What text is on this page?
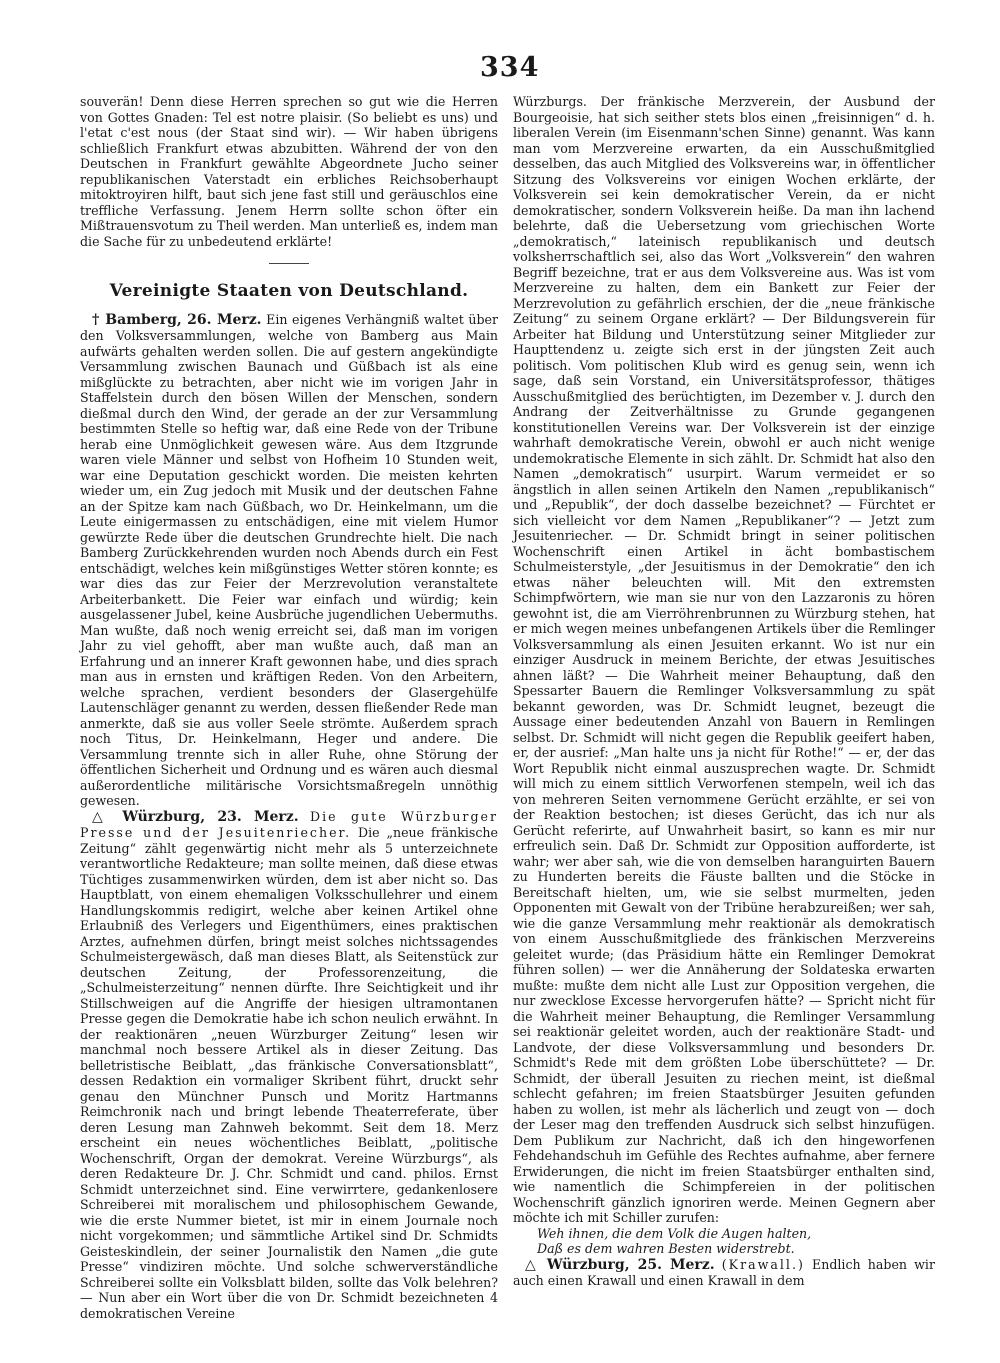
334

souverän! Denn diese Herren sprechen so gut wie die Herren von Gottes Gnaden: Tel est notre plaisir. (So beliebt es uns) und l'etat c'est nous (der Staat sind wir). — Wir haben übrigens schließlich Frankfurt etwas abzubitten. Während der von den Deutschen in Frankfurt gewählte Abgeordnete Jucho seiner republikanischen Vaterstadt ein erbliches Reichsoberhaupt mitoktroyiren hilft, baut sich jene fast still und geräuschlos eine treffliche Verfassung. Jenem Herrn sollte schon öfter ein Mißtrauensvotum zu Theil werden. Man unterließ es, indem man die Sache für zu unbedeutend erklärte!

Vereinigte Staaten von Deutschland.

† Bamberg, 26. Merz. Ein eigenes Verhängniß waltet über den Volksversammlungen, welche von Bamberg aus Main aufwärts gehalten werden sollen. Die auf gestern angekündigte Versammlung zwischen Baunach und Güßbach ist als eine mißglückte zu betrachten, aber nicht wie im vorigen Jahr in Staffelstein durch den bösen Willen der Menschen, sondern dießmal durch den Wind, der gerade an der zur Versammlung bestimmten Stelle so heftig war, daß eine Rede von der Tribune herab eine Unmöglichkeit gewesen wäre. Aus dem Itzgrunde waren viele Männer und selbst von Hofheim 10 Stunden weit, war eine Deputation geschickt worden. Die meisten kehrten wieder um, ein Zug jedoch mit Musik und der deutschen Fahne an der Spitze kam nach Güßbach, wo Dr. Heinkelmann, um die Leute einigermassen zu entschädigen, eine mit vielem Humor gewürzte Rede über die deutschen Grundrechte hielt. Die nach Bamberg Zurückkehrenden wurden noch Abends durch ein Fest entschädigt, welches kein mißgünstiges Wetter stören konnte; es war dies das zur Feier der Merzrevolution veranstaltete Arbeiterbankett. Die Feier war einfach und würdig; kein ausgelassener Jubel, keine Ausbrüche jugendlichen Uebermuths. Man wußte, daß noch wenig erreicht sei, daß man im vorigen Jahr zu viel gehofft, aber man wußte auch, daß man an Erfahrung und an innerer Kraft gewonnen habe, und dies sprach man aus in ernsten und kräftigen Reden. Von den Arbeitern, welche sprachen, verdient besonders der Glasergehülfe Lautenschläger genannt zu werden, dessen fließender Rede man anmerkte, daß sie aus voller Seele strömte. Außerdem sprach noch Titus, Dr. Heinkelmann, Heger und andere. Die Versammlung trennte sich in aller Ruhe, ohne Störung der öffentlichen Sicherheit und Ordnung und es wären auch diesmal außerordentliche militärische Vorsichtsmaßregeln unnöthig gewesen.

△ Würzburg, 23. Merz. Die gute Würzburger Presse und der Jesuitenriecher. Die „neue fränkische Zeitung“ zählt gegenwärtig nicht mehr als 5 unterzeichnete verantwortliche Redakteure; man sollte meinen, daß diese etwas Tüchtiges zusammenwirken würden, dem ist aber nicht so. Das Hauptblatt, von einem ehemaligen Volksschullehrer und einem Handlungskommis redigirt, welche aber keinen Artikel ohne Erlaubniß des Verlegers und Eigenthümers, eines praktischen Arztes, aufnehmen dürfen, bringt meist solches nichtssagendes Schulmeistergewäsch, daß man dieses Blatt, als Seitenstück zur deutschen Zeitung, der Professorenzeitung, die „Schulmeisterzeitung“ nennen dürfte. Ihre Seichtigkeit und ihr Stillschweigen auf die Angriffe der hiesigen ultramontanen Presse gegen die Demokratie habe ich schon neulich erwähnt. In der reaktionären „neuen Würzburger Zeitung“ lesen wir manchmal noch bessere Artikel als in dieser Zeitung. Das belletristische Beiblatt, „das fränkische Conversationsblatt“, dessen Redaktion ein vormaliger Skribent führt, druckt sehr genau den Münchner Punsch und Moritz Hartmanns Reimchronik nach und bringt lebende Theaterreferate, über deren Lesung man Zahnweh bekommt. Seit dem 18. Merz erscheint ein neues wöchentliches Beiblatt, „politische Wochenschrift, Organ der demokrat. Vereine Würzburgs“, als deren Redakteure Dr. J. Chr. Schmidt und cand. philos. Ernst Schmidt unterzeichnet sind. Eine verwirrtere, gedankenlosere Schreiberei mit moralischem und philosophischem Gewande, wie die erste Nummer bietet, ist mir in einem Journale noch nicht vorgekommen; und sämmtliche Artikel sind Dr. Schmidts Geisteskindlein, der seiner Journalistik den Namen „die gute Presse“ vindiziren möchte. Und solche schwerverständliche Schreiberei sollte ein Volksblatt bilden, sollte das Volk belehren? — Nun aber ein Wort über die von Dr. Schmidt bezeichneten 4 demokratischen Vereine

Würzburgs. Der fränkische Merzverein, der Ausbund der Bourgeoisie, hat sich seither stets blos einen „freisinnigen“ d. h. liberalen Verein (im Eisenmann'schen Sinne) genannt. Was kann man vom Merzvereine erwarten, da ein Ausschußmitglied desselben, das auch Mitglied des Volksvereins war, in öffentlicher Sitzung des Volksvereins vor einigen Wochen erklärte, der Volksverein sei kein demokratischer Verein, da er nicht demokratischer, sondern Volksverein heiße. Da man ihn lachend belehrte, daß die Uebersetzung vom griechischen Worte „demokratisch,“ lateinisch republikanisch und deutsch volksherrschaftlich sei, also das Wort „Volksverein“ den wahren Begriff bezeichne, trat er aus dem Volksvereine aus. Was ist vom Merzvereine zu halten, dem ein Bankett zur Feier der Merzrevolution zu gefährlich erschien, der die „neue fränkische Zeitung“ zu seinem Organe erklärt? — Der Bildungsverein für Arbeiter hat Bildung und Unterstützung seiner Mitglieder zur Haupttendenz u. zeigte sich erst in der jüngsten Zeit auch politisch. Vom politischen Klub wird es genug sein, wenn ich sage, daß sein Vorstand, ein Universitätsprofessor, thätiges Ausschußmitglied des berüchtigten, im Dezember v. J. durch den Andrang der Zeitverhältnisse zu Grunde gegangenen konstitutionellen Vereins war. Der Volksverein ist der einzige wahrhaft demokratische Verein, obwohl er auch nicht wenige undemokratische Elemente in sich zählt. Dr. Schmidt hat also den Namen „demokratisch“ usurpirt. Warum vermeidet er so ängstlich in allen seinen Artikeln den Namen „republikanisch“ und „Republik“, der doch dasselbe bezeichnet? — Fürchtet er sich vielleicht vor dem Namen „Republikaner“? — Jetzt zum Jesuitenriecher. — Dr. Schmidt bringt in seiner politischen Wochenschrift einen Artikel in ächt bombastischem Schulmeisterstyle, „der Jesuitismus in der Demokratie“ den ich etwas näher beleuchten will. Mit den extremsten Schimpfwörtern, wie man sie nur von den Lazzaronis zu hören gewohnt ist, die am Vierröhrenbrunnen zu Würzburg stehen, hat er mich wegen meines unbefangenen Artikels über die Remlinger Volksversammlung als einen Jesuiten erkannt. Wo ist nur ein einziger Ausdruck in meinem Berichte, der etwas Jesuitisches ahnen läßt? — Die Wahrheit meiner Behauptung, daß den Spessarter Bauern die Remlinger Volksversammlung zu spät bekannt geworden, was Dr. Schmidt leugnet, bezeugt die Aussage einer bedeutenden Anzahl von Bauern in Remlingen selbst. Dr. Schmidt will nicht gegen die Republik geeifert haben, er, der ausrief: „Man halte uns ja nicht für Rothe!“ — er, der das Wort Republik nicht einmal auszusprechen wagte. Dr. Schmidt will mich zu einem sittlich Verworfenen stempeln, weil ich das von mehreren Seiten vernommene Gerücht erzählte, er sei von der Reaktion bestochen; ist dieses Gerücht, das ich nur als Gerücht referirte, auf Unwahrheit basirt, so kann es mir nur erfreulich sein. Daß Dr. Schmidt zur Opposition aufforderte, ist wahr; wer aber sah, wie die von demselben haranguirten Bauern zu Hunderten bereits die Fäuste ballten und die Stöcke in Bereitschaft hielten, um, wie sie selbst murmelten, jeden Opponenten mit Gewalt von der Tribüne herabzureißen; wer sah, wie die ganze Versammlung mehr reaktionär als demokratisch von einem Ausschußmitgliede des fränkischen Merzvereins geleitet wurde; (das Präsidium hätte ein Remlinger Demokrat führen sollen) — wer die Annäherung der Soldateska erwarten mußte: mußte dem nicht alle Lust zur Opposition vergehen, die nur zwecklose Excesse hervorgerufen hätte? — Spricht nicht für die Wahrheit meiner Behauptung, die Remlinger Versammlung sei reaktionär geleitet worden, auch der reaktionäre Stadt- und Landvote, der diese Volksversammlung und besonders Dr. Schmidt's Rede mit dem größten Lobe überschüttete? — Dr. Schmidt, der überall Jesuiten zu riechen meint, ist dießmal schlecht gefahren; im freien Staatsbürger Jesuiten gefunden haben zu wollen, ist mehr als lächerlich und zeugt von — doch der Leser mag den treffenden Ausdruck sich selbst hinzufügen. Dem Publikum zur Nachricht, daß ich den hingeworfenen Fehdehandschuh im Gefühle des Rechtes aufnahme, aber fernere Erwiderungen, die nicht im freien Staatsbürger enthalten sind, wie namentlich die Schimpfereien in der politischen Wochenschrift gänzlich ignoriren werde. Meinen Gegnern aber möchte ich mit Schiller zurufen:

Weh ihnen, die dem Volk die Augen halten,

Daß es dem wahren Besten widerstrebt.

△ Würzburg, 25. Merz. (Krawall.) Endlich haben wir auch einen Krawall und einen Krawall in dem
